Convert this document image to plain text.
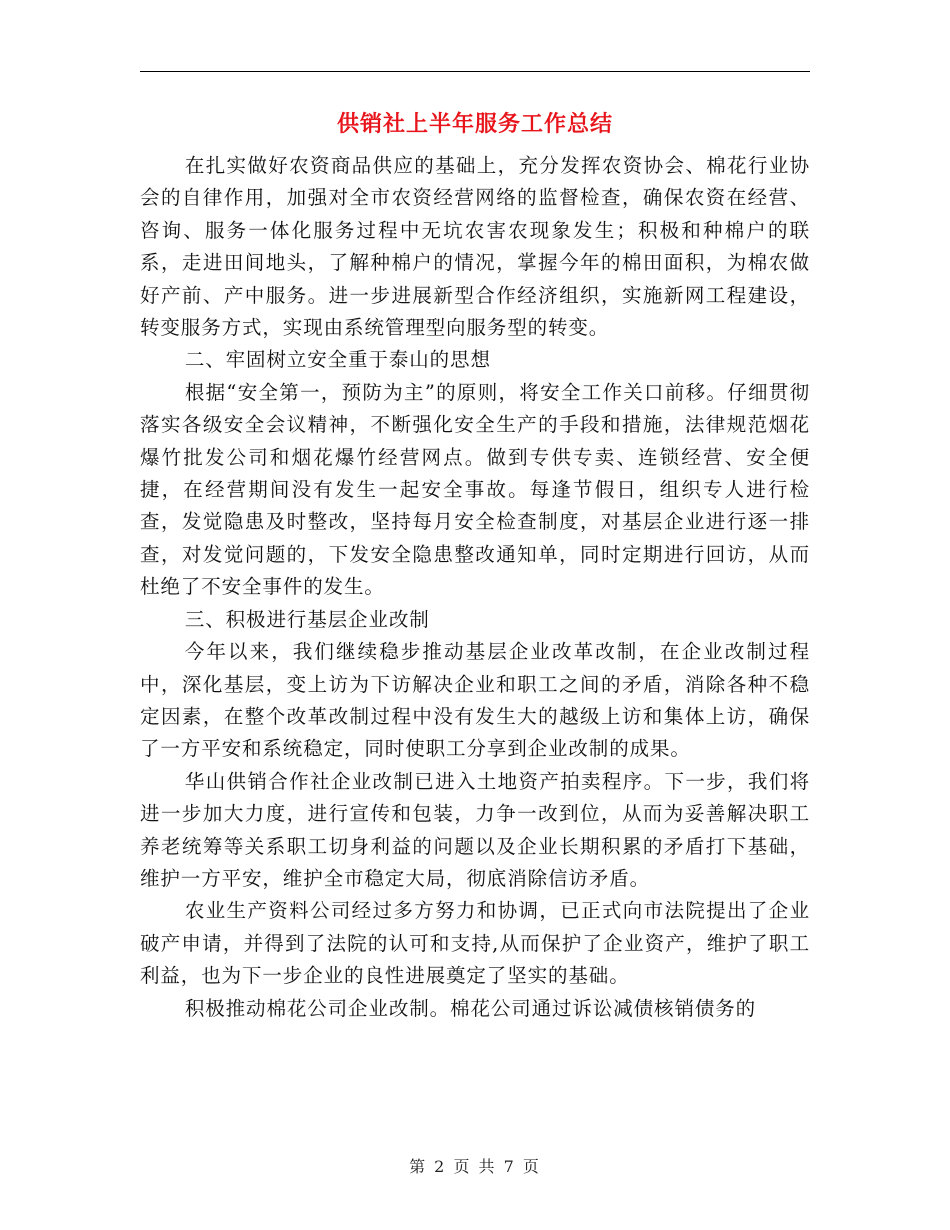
供销社上半年服务工作总结

在扎实做好农资商品供应的基础上，充分发挥农资协会、棉花行业协会的自律作用，加强对全市农资经营网络的监督检查，确保农资在经营、咨询、服务一体化服务过程中无坑农害农现象发生；积极和种棉户的联系，走进田间地头，了解种棉户的情况，掌握今年的棉田面积，为棉农做好产前、产中服务。进一步进展新型合作经济组织，实施新网工程建设，转变服务方式，实现由系统管理型向服务型的转变。

二、牢固树立安全重于泰山的思想

根据“安全第一，预防为主”的原则，将安全工作关口前移。仔细贯彻落实各级安全会议精神，不断强化安全生产的手段和措施，法律规范烟花爆竹批发公司和烟花爆竹经营网点。做到专供专卖、连锁经营、安全便捷，在经营期间没有发生一起安全事故。每逢节假日，组织专人进行检查，发觉隐患及时整改，坚持每月安全检查制度，对基层企业进行逐一排查，对发觉问题的，下发安全隐患整改通知单，同时定期进行回访，从而杜绝了不安全事件的发生。

三、积极进行基层企业改制

今年以来，我们继续稳步推动基层企业改革改制，在企业改制过程中，深化基层，变上访为下访解决企业和职工之间的矛盾，消除各种不稳定因素，在整个改革改制过程中没有发生大的越级上访和集体上访，确保了一方平安和系统稳定，同时使职工分享到企业改制的成果。

华山供销合作社企业改制已进入土地资产拍卖程序。下一步，我们将进一步加大力度，进行宣传和包装，力争一改到位，从而为妥善解决职工养老统筹等关系职工切身利益的问题以及企业长期积累的矛盾打下基础，维护一方平安，维护全市稳定大局，彻底消除信访矛盾。

农业生产资料公司经过多方努力和协调，已正式向市法院提出了企业破产申请，并得到了法院的认可和支持,从而保护了企业资产，维护了职工利益，也为下一步企业的良性进展奠定了坚实的基础。

积极推动棉花公司企业改制。棉花公司通过诉讼减债核销债务的

第 2 页 共 7 页
